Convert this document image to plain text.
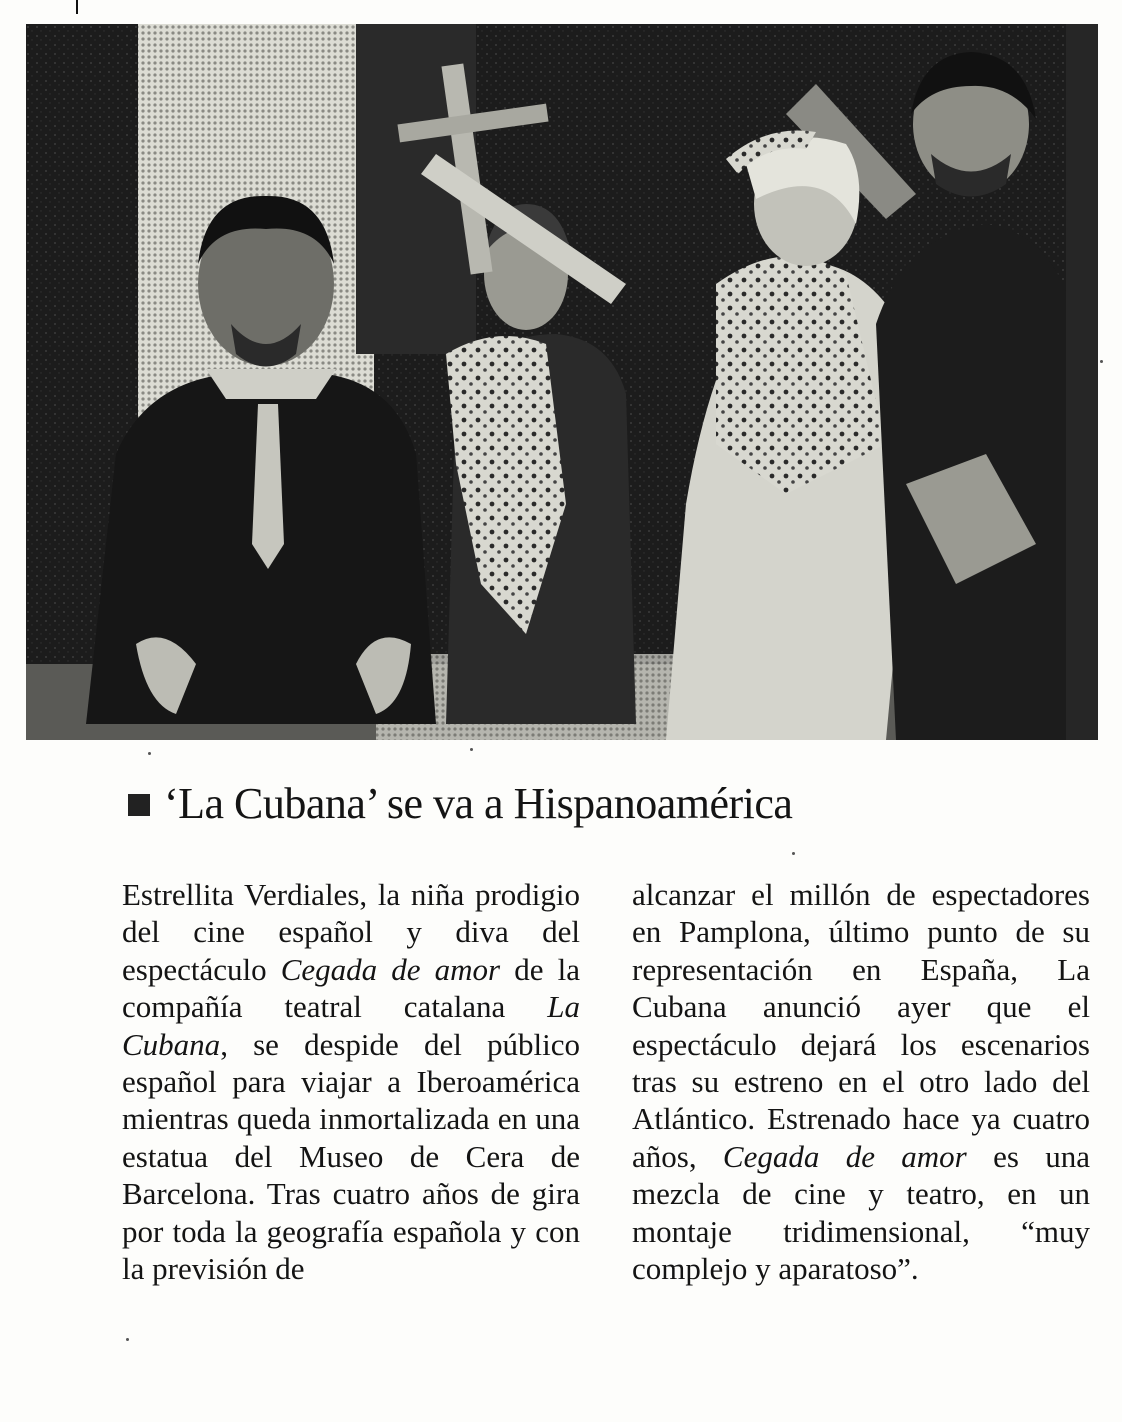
‘La Cubana’ se va a Hispanoamérica

Estrellita Verdiales, la niña prodigio del cine español y diva del espectáculo Cegada de amor de la compañía teatral catalana La Cubana, se despide del público español para viajar a Iberoamérica mientras queda inmortalizada en una estatua del Museo de Cera de Barcelona. Tras cuatro años de gira por toda la geografía española y con la previsión de

alcanzar el millón de espectadores en Pamplona, último punto de su representación en España, La Cubana anunció ayer que el espectáculo dejará los escenarios tras su estreno en el otro lado del Atlántico. Estrenado hace ya cuatro años, Cegada de amor es una mezcla de cine y teatro, en un montaje tridimensional, “muy complejo y aparatoso”.
